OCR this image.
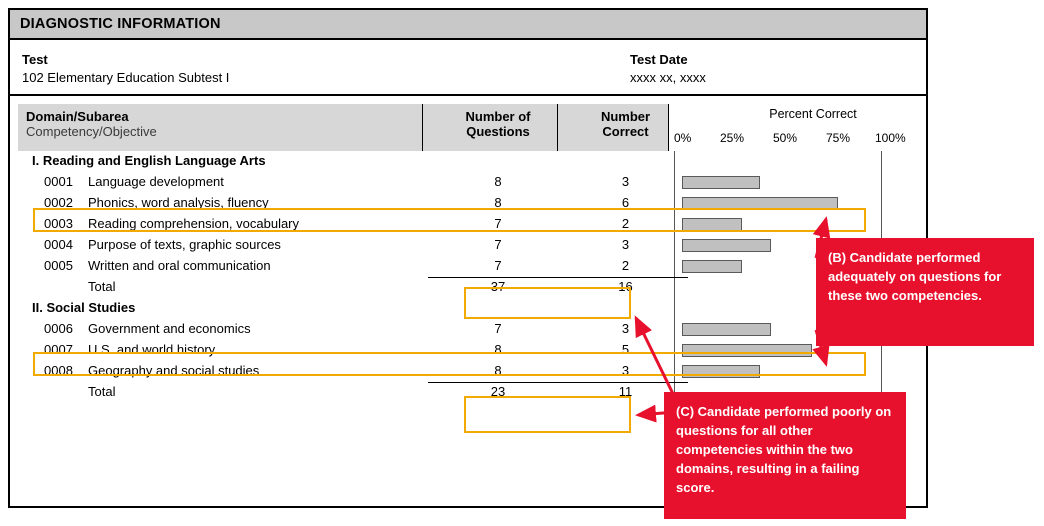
DIAGNOSTIC INFORMATION
Test
102 Elementary Education Subtest I
Test Date
xxxx xx, xxxx
Domain/Subarea
Competency/Objective
Number of
Questions
Number
Correct
Percent Correct
0% 25% 50% 75% 100%
I. Reading and English Language Arts
0001 Language development	8	3
0002 Phonics, word analysis, fluency	8	6
0003 Reading comprehension, vocabulary	7	2
0004 Purpose of texts, graphic sources	7	3
0005 Written and oral communication	7	2
Total	37	16
II. Social Studies
0006 Government and economics	7	3
0007 U.S. and world history	8	5
0008 Geography and social studies	8	3
Total	23	11
(B) Candidate performed adequately on questions for these two competencies.
(C) Candidate performed poorly on questions for all other competencies within the two domains, resulting in a failing score.
